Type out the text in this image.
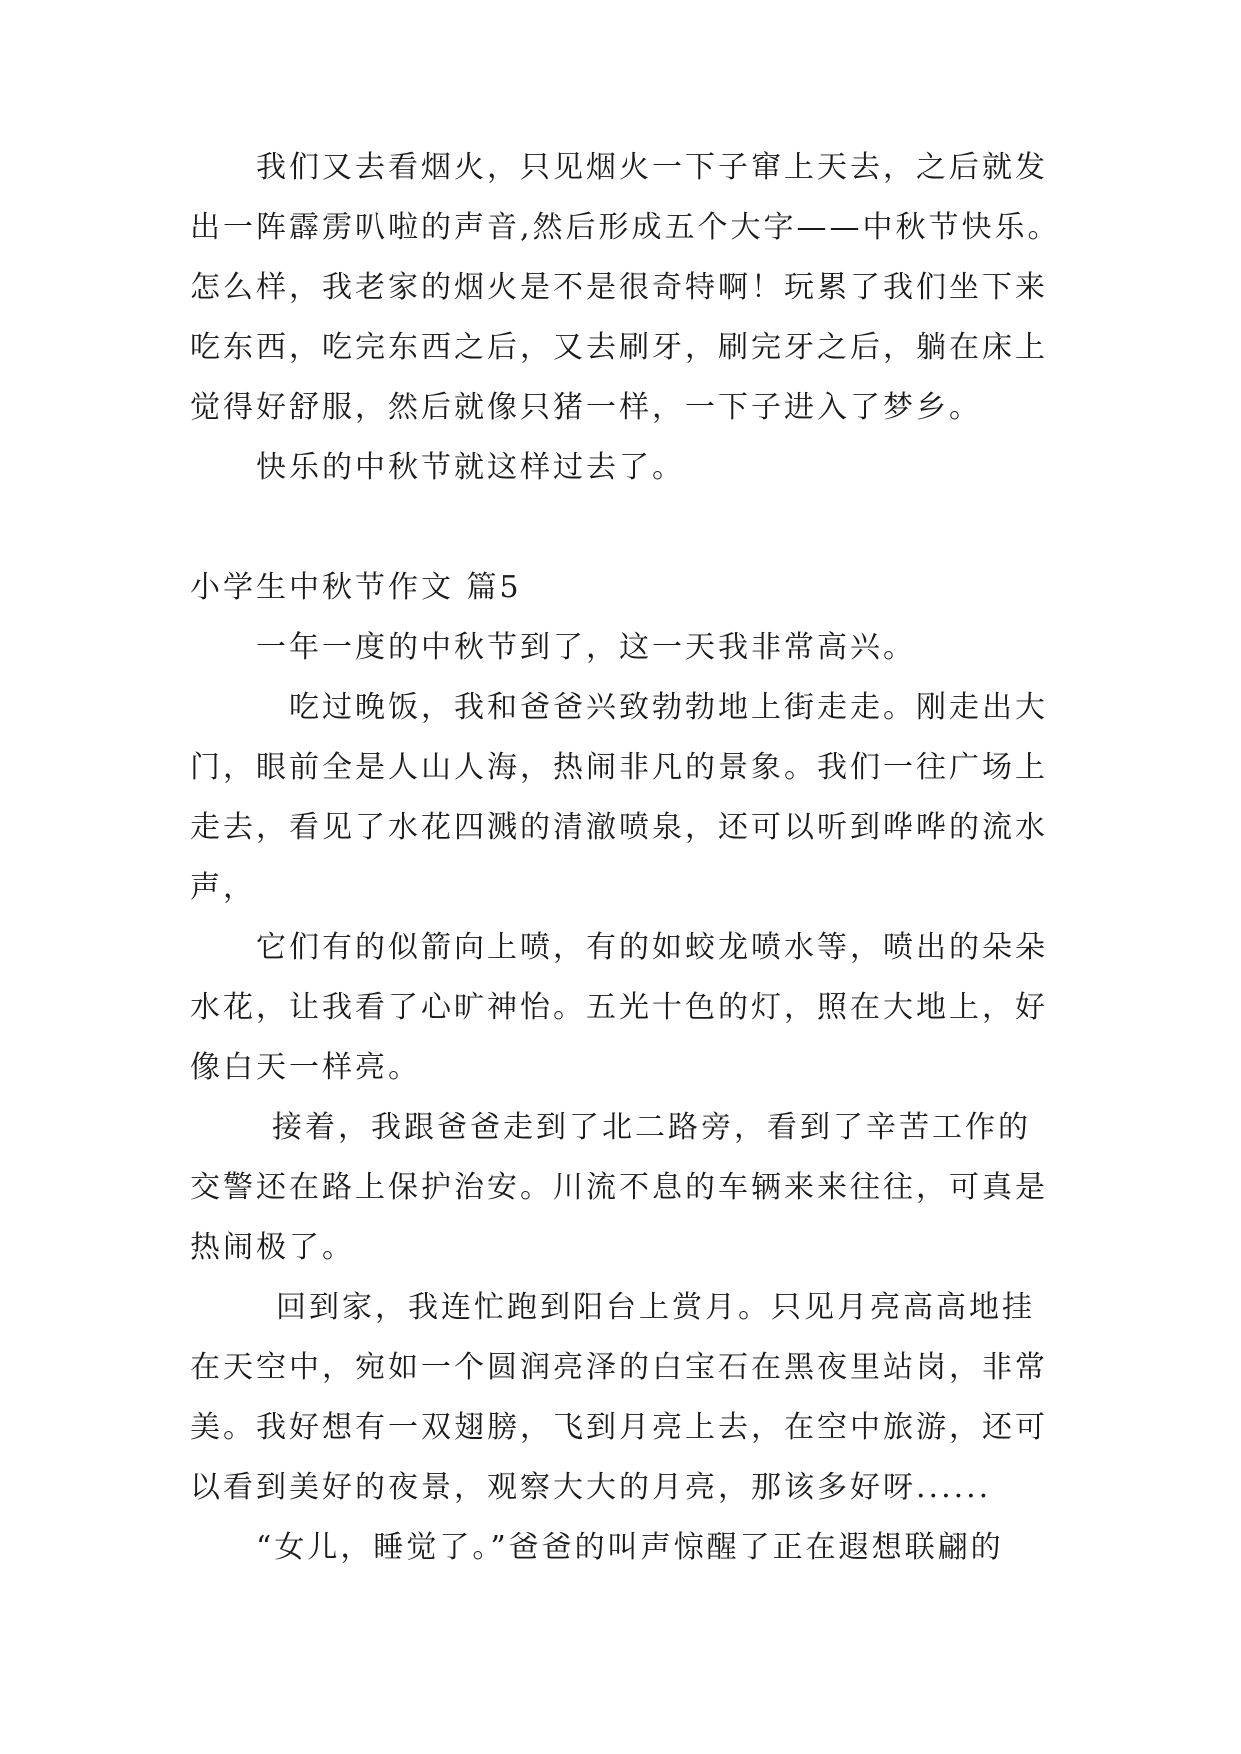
我们又去看烟火，只见烟火一下子窜上天去，之后就发
出一阵霹雳叭啦的声音,然后形成五个大字——中秋节快乐。
怎么样，我老家的烟火是不是很奇特啊！玩累了我们坐下来
吃东西，吃完东西之后，又去刷牙，刷完牙之后，躺在床上
觉得好舒服，然后就像只猪一样，一下子进入了梦乡。
快乐的中秋节就这样过去了。
小学生中秋节作文 篇5
一年一度的中秋节到了，这一天我非常高兴。
吃过晚饭，我和爸爸兴致勃勃地上街走走。刚走出大
门，眼前全是人山人海，热闹非凡的景象。我们一往广场上
走去，看见了水花四溅的清澈喷泉，还可以听到哗哗的流水
声，
它们有的似箭向上喷，有的如蛟龙喷水等，喷出的朵朵
水花，让我看了心旷神怡。五光十色的灯，照在大地上，好
像白天一样亮。
接着，我跟爸爸走到了北二路旁，看到了辛苦工作的
交警还在路上保护治安。川流不息的车辆来来往往，可真是
热闹极了。
回到家，我连忙跑到阳台上赏月。只见月亮高高地挂
在天空中，宛如一个圆润亮泽的白宝石在黑夜里站岗，非常
美。我好想有一双翅膀，飞到月亮上去，在空中旅游，还可
以看到美好的夜景，观察大大的月亮，那该多好呀......
“女儿，睡觉了。”爸爸的叫声惊醒了正在遐想联翩的
